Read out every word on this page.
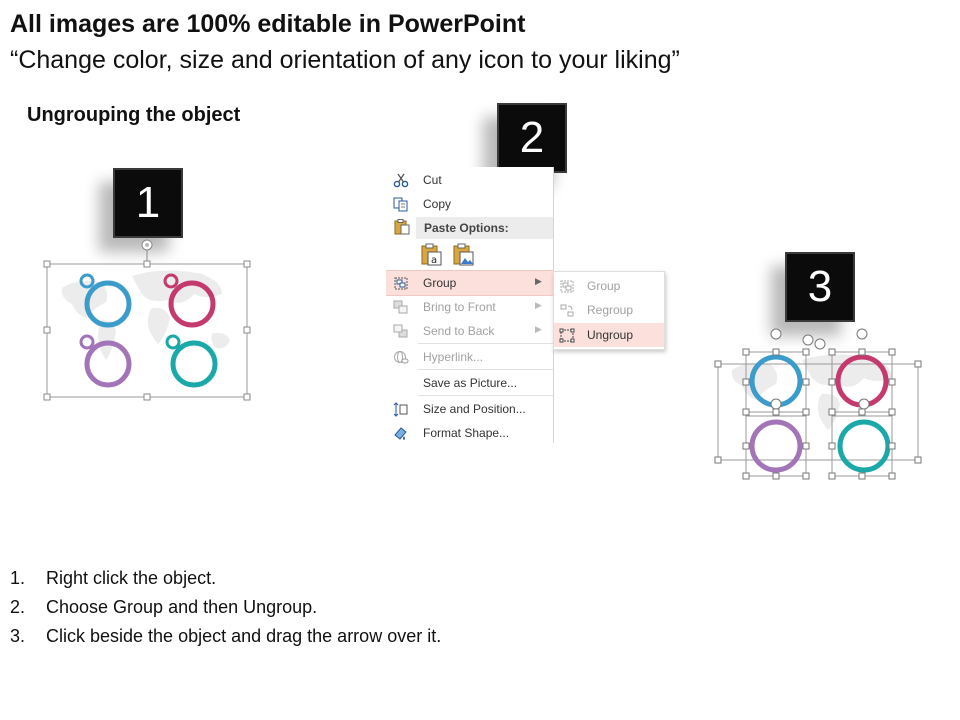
All images are 100% editable in PowerPoint
“Change color, size and orientation of any icon to your liking”
Ungrouping the object
1
2
3
Cut
Copy
Paste Options:
a
Group	▶
Bring to Front	▶
Send to Back	▶
Hyperlink...
Save as Picture...
Size and Position...
Format Shape...
Group
Regroup
Ungroup
1. Right click the object.
2. Choose Group and then Ungroup.
3. Click beside the object and drag the arrow over it.
